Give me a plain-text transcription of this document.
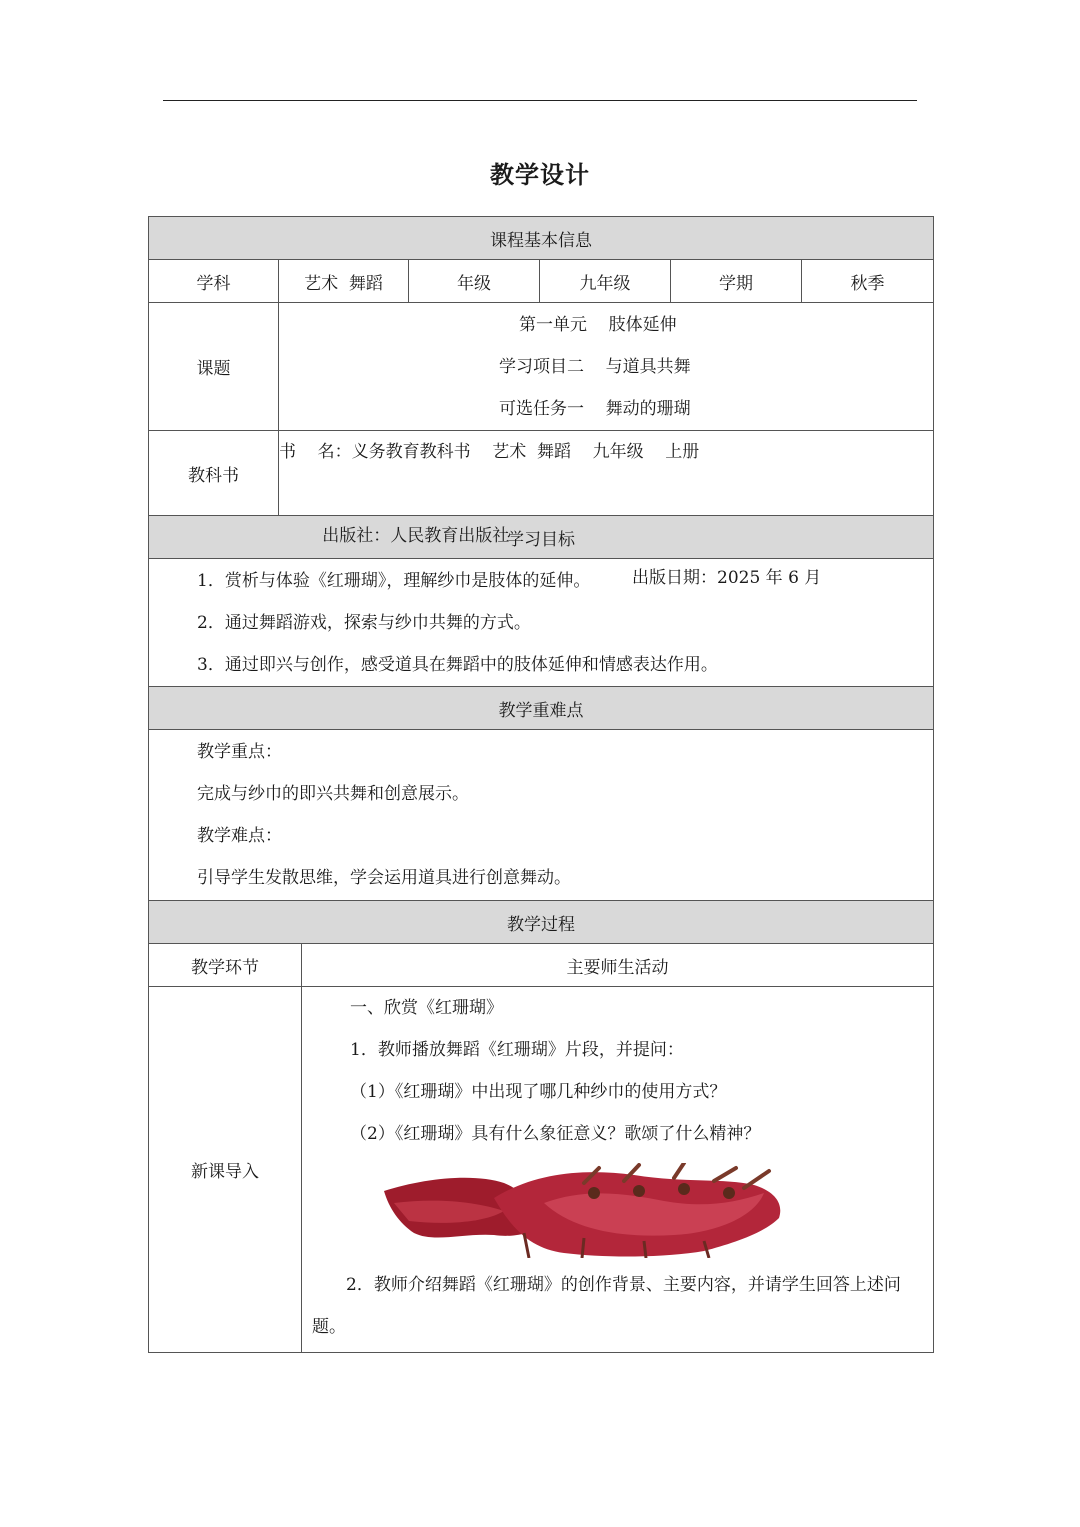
教学设计
课程基本信息						
学科	艺术  舞蹈		年级	九年级	学期	秋季
课题	第一单元    肢体延伸
学习项目二    与道具共舞
可选任务一    舞动的珊瑚					

教科书	书    名：义务教育教科书    艺术  舞蹈    九年级    上册

出版社：人民教育出版社

出版日期：2025 年 6 月					

学习目标						

1．赏析与体验《红珊瑚》，理解纱巾是肢体的延伸。
2．通过舞蹈游戏，探索与纱巾共舞的方式。
3．通过即兴与创作，感受道具在舞蹈中的肢体延伸和情感表达作用。						

教学重难点						

教学重点：
完成与纱巾的即兴共舞和创意展示。
教学难点：
引导学生发散思维，学会运用道具进行创意舞动。						

教学过程						
教学环节		主要师生活动				
新课导入		一、欣赏《红珊瑚》
1．教师播放舞蹈《红珊瑚》片段，并提问：
（1）《红珊瑚》中出现了哪几种纱巾的使用方式？
（2）《红珊瑚》具有什么象征意义？歌颂了什么精神？
2．教师介绍舞蹈《红珊瑚》的创作背景、主要内容，并请学生回答上述问题。				
